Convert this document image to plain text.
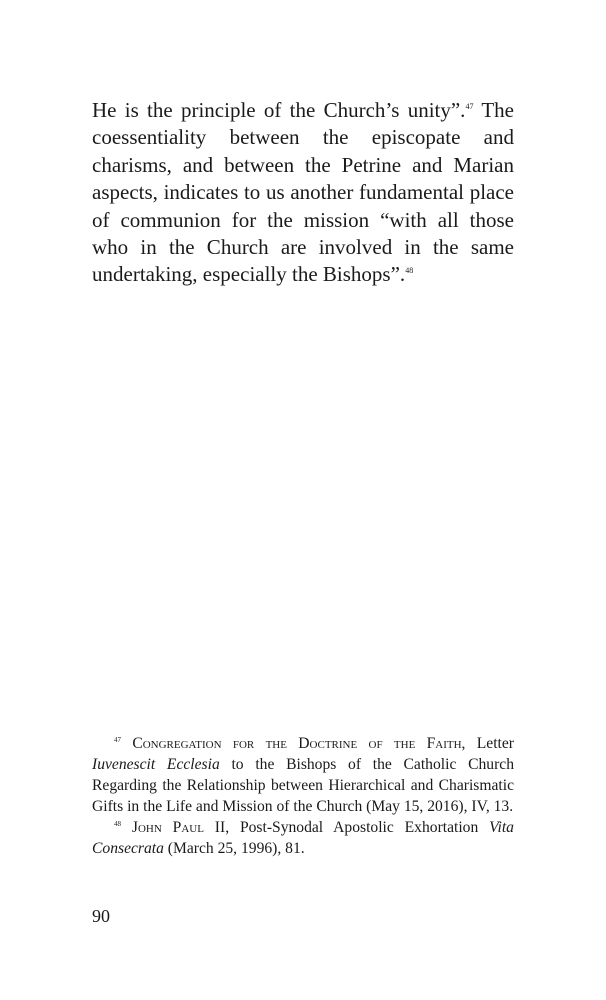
He is the principle of the Church’s unity”.$^{47}$ The coessentiality between the episcopate and charisms, and between the Petrine and Marian aspects, indicates to us another fundamental place of communion for the mission “with all those who in the Church are involved in the same undertaking, especially the Bishops”.$^{48}$

$^{47}$ Congregation for the Doctrine of the Faith, Letter Iuvenescit Ecclesia to the Bishops of the Catholic Church Regarding the Relationship between Hierarchical and Charismatic Gifts in the Life and Mission of the Church (May 15, 2016), IV, 13.

$^{48}$ John Paul II, Post-Synodal Apostolic Exhortation Vita Consecrata (March 25, 1996), 81.

90
